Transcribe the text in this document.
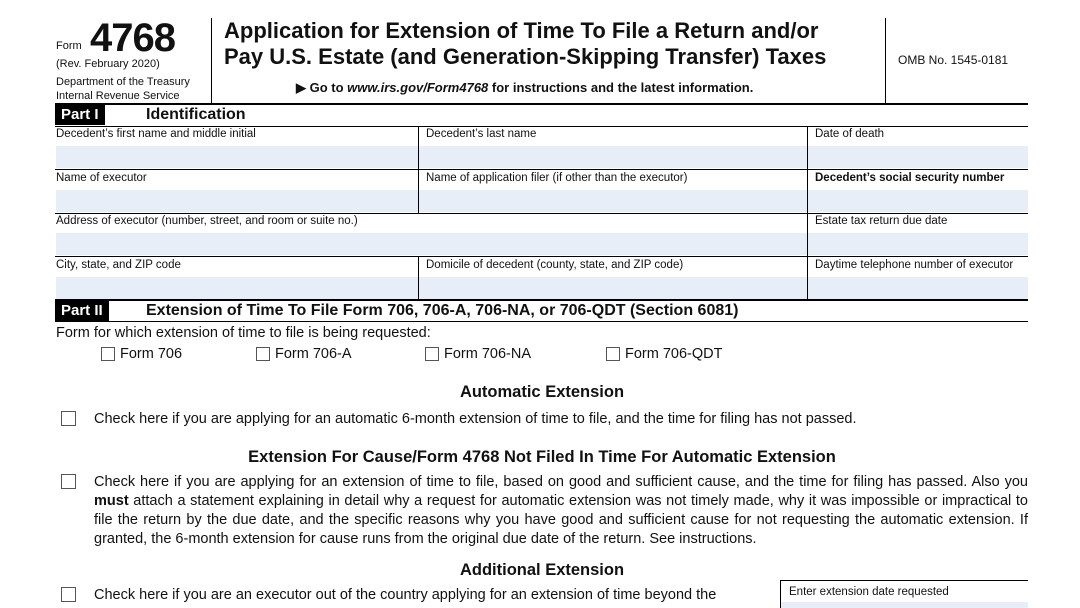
Form 4768
(Rev. February 2020)
Department of the Treasury
Internal Revenue Service
Application for Extension of Time To File a Return and/or
Pay U.S. Estate (and Generation-Skipping Transfer) Taxes
▶ Go to www.irs.gov/Form4768 for instructions and the latest information.
OMB No. 1545-0181
Part I	Identification
Decedent’s first name and middle initial	Decedent’s last name	Date of death
Name of executor	Name of application filer (if other than the executor)	Decedent’s social security number
Address of executor (number, street, and room or suite no.)	Estate tax return due date
City, state, and ZIP code	Domicile of decedent (county, state, and ZIP code)	Daytime telephone number of executor
Part II	Extension of Time To File Form 706, 706-A, 706-NA, or 706-QDT (Section 6081)
Form for which extension of time to file is being requested:
Form 706	Form 706-A	Form 706-NA	Form 706-QDT
Automatic Extension
Check here if you are applying for an automatic 6-month extension of time to file, and the time for filing has not passed.
Extension For Cause/Form 4768 Not Filed In Time For Automatic Extension
Check here if you are applying for an extension of time to file, based on good and sufficient cause, and the time for filing has passed. Also you must attach a statement explaining in detail why a request for automatic extension was not timely made, why it was impossible or impractical to file the return by the due date, and the specific reasons why you have good and sufficient cause for not requesting the automatic extension. If granted, the 6-month extension for cause runs from the original due date of the return. See instructions.
Additional Extension
Check here if you are an executor out of the country applying for an extension of time beyond the	Enter extension date requested
